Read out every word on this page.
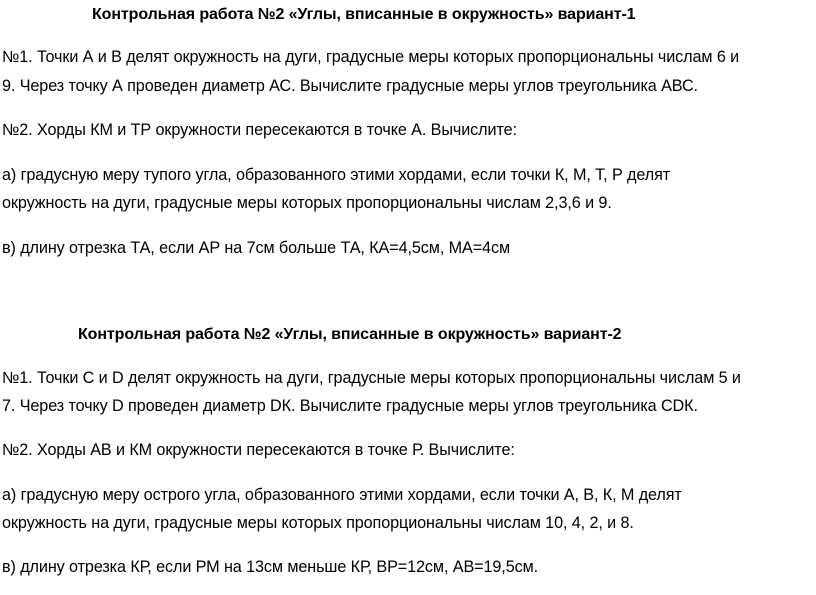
Контрольная работа №2 «Углы, вписанные в окружность» вариант-1
№1. Точки А и В делят окружность на дуги, градусные меры которых пропорциональны числам 6 и
9. Через точку А проведен диаметр АС. Вычислите градусные меры углов треугольника АВС.
№2. Хорды КМ и ТР окружности пересекаются в точке А. Вычислите:
а) градусную меру тупого угла, образованного этими хордами, если точки К, М, Т, Р делят
окружность на дуги, градусные меры которых пропорциональны числам 2,3,6 и 9.
в) длину отрезка ТА, если АР на 7см больше ТА, КА=4,5см, МА=4см
Контрольная работа №2 «Углы, вписанные в окружность» вариант-2
№1. Точки С и D делят окружность на дуги, градусные меры которых пропорциональны числам 5 и
7. Через точку D проведен диаметр DК. Вычислите градусные меры углов треугольника СDК.
№2. Хорды АВ и КМ окружности пересекаются в точке Р. Вычислите:
а) градусную меру острого угла, образованного этими хордами, если точки А, В, К, М делят
окружность на дуги, градусные меры которых пропорциональны числам 10, 4, 2, и 8.
в) длину отрезка КР, если РМ на 13см меньше КР, ВР=12см, АВ=19,5см.
